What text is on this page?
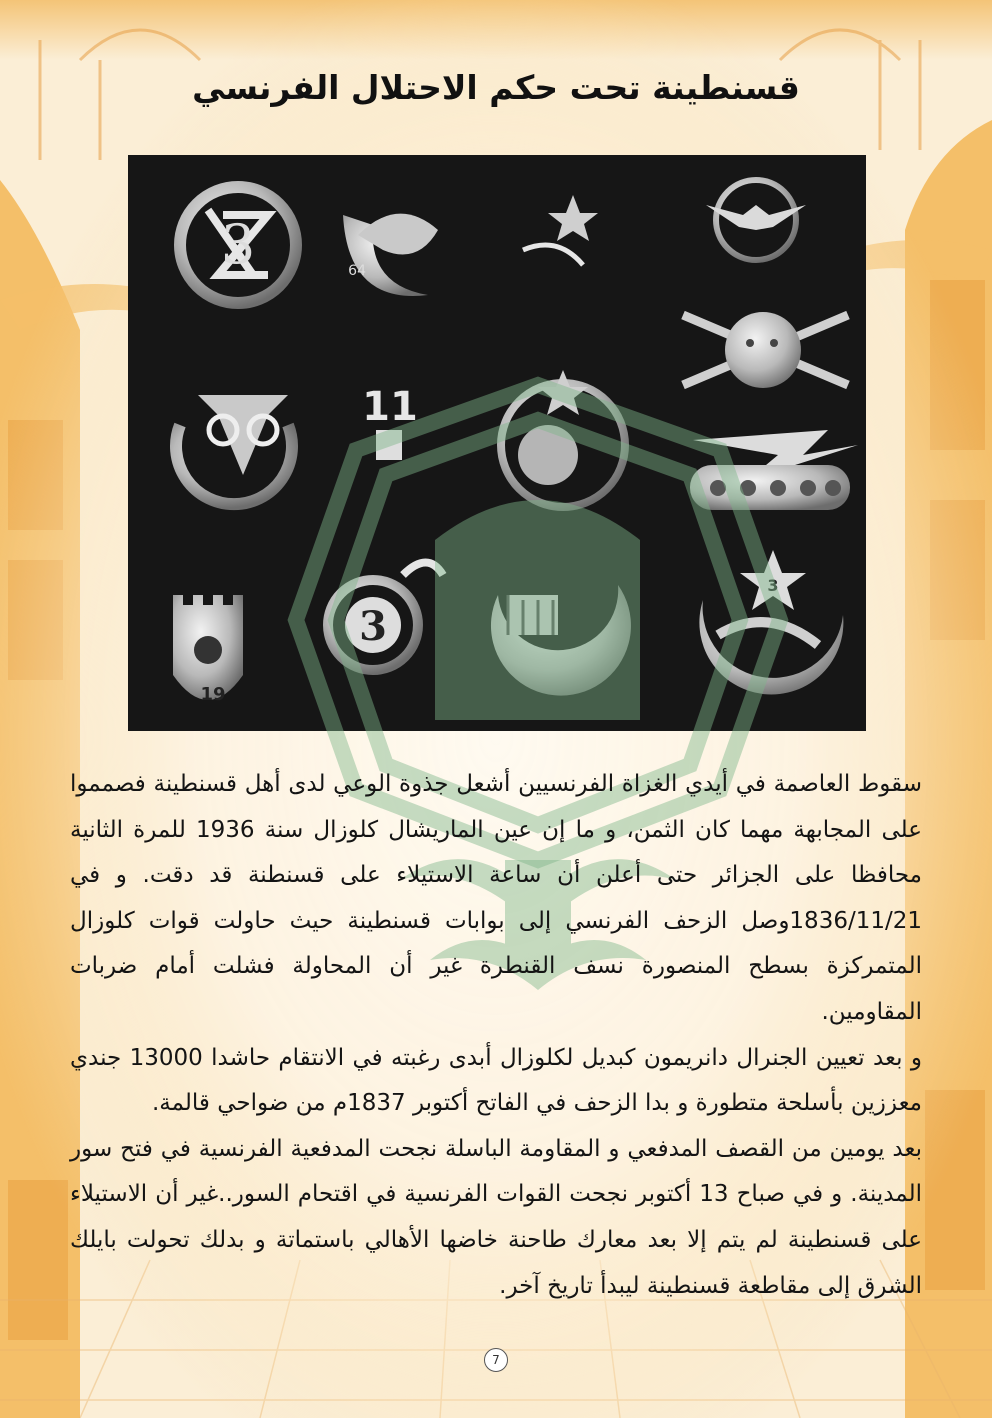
قسنطينة تحت حكم الاحتلال الفرنسي
3	64
11
19
3
3

سقوط العاصمة في أيدي الغزاة الفرنسيين أشعل جذوة الوعي لدى أهل قسنطينة فصمموا على المجابهة مهما كان الثمن، و ما إن عين الماريشال كلوزال سنة 1936 للمرة الثانية محافظا على الجزائر حتى أعلن أن ساعة الاستيلاء على قسنطنة قد دقت. و في 1836/11/21وصل الزحف الفرنسي إلى بوابات قسنطينة حيث حاولت قوات كلوزال المتمركزة بسطح المنصورة نسف القنطرة غير أن المحاولة فشلت أمام ضربات المقاومين.

و بعد تعيين الجنرال دانريمون كبديل لكلوزال أبدى رغبته في الانتقام حاشدا 13000 جندي معززين بأسلحة متطورة و بدا الزحف في الفاتح أكتوبر 1837م من ضواحي قالمة.

بعد يومين من القصف المدفعي و المقاومة الباسلة نجحت المدفعية الفرنسية في فتح سور المدينة. و في صباح 13 أكتوبر نجحت القوات الفرنسية في اقتحام السور..غير أن الاستيلاء على قسنطينة لم يتم إلا بعد معارك طاحنة خاضها الأهالي باستماتة و بدلك تحولت بايلك الشرق إلى مقاطعة قسنطينة ليبدأ تاريخ آخر.

7
